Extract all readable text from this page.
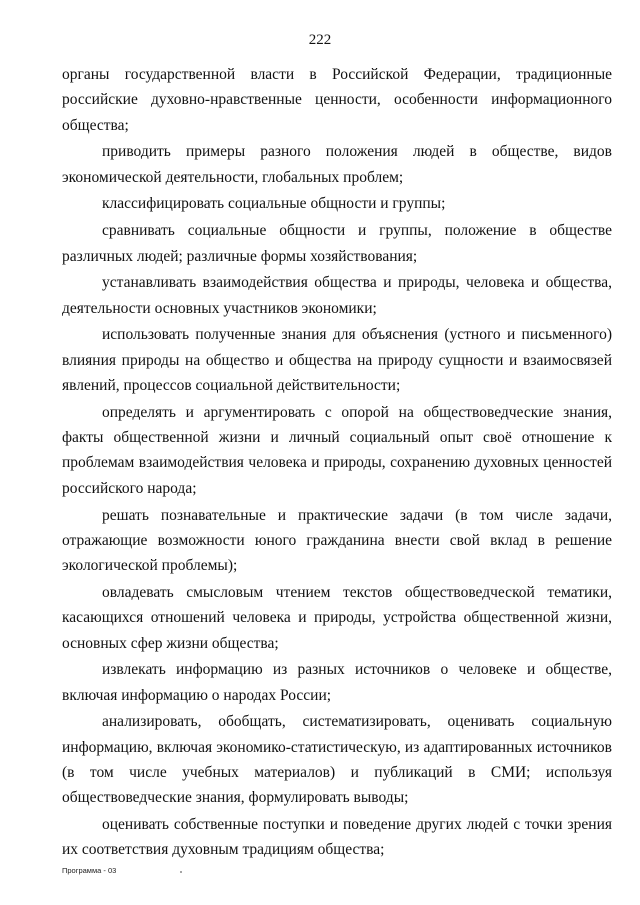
222

органы государственной власти в Российской Федерации, традиционные российские духовно-нравственные ценности, особенности информационного общества;

приводить примеры разного положения людей в обществе, видов экономической деятельности, глобальных проблем;

классифицировать социальные общности и группы;

сравнивать социальные общности и группы, положение в обществе различных людей; различные формы хозяйствования;

устанавливать взаимодействия общества и природы, человека и общества, деятельности основных участников экономики;

использовать полученные знания для объяснения (устного и письменного) влияния природы на общество и общества на природу сущности и взаимосвязей явлений, процессов социальной действительности;

определять и аргументировать с опорой на обществоведческие знания, факты общественной жизни и личный социальный опыт своё отношение к проблемам взаимодействия человека и природы, сохранению духовных ценностей российского народа;

решать познавательные и практические задачи (в том числе задачи, отражающие возможности юного гражданина внести свой вклад в решение экологической проблемы);

овладевать смысловым чтением текстов обществоведческой тематики, касающихся отношений человека и природы, устройства общественной жизни, основных сфер жизни общества;

извлекать информацию из разных источников о человеке и обществе, включая информацию о народах России;

анализировать, обобщать, систематизировать, оценивать социальную информацию, включая экономико-статистическую, из адаптированных источников (в том числе учебных материалов) и публикаций в СМИ; используя обществоведческие знания, формулировать выводы;

оценивать собственные поступки и поведение других людей с точки зрения их соответствия духовным традициям общества;

Программа - 03
